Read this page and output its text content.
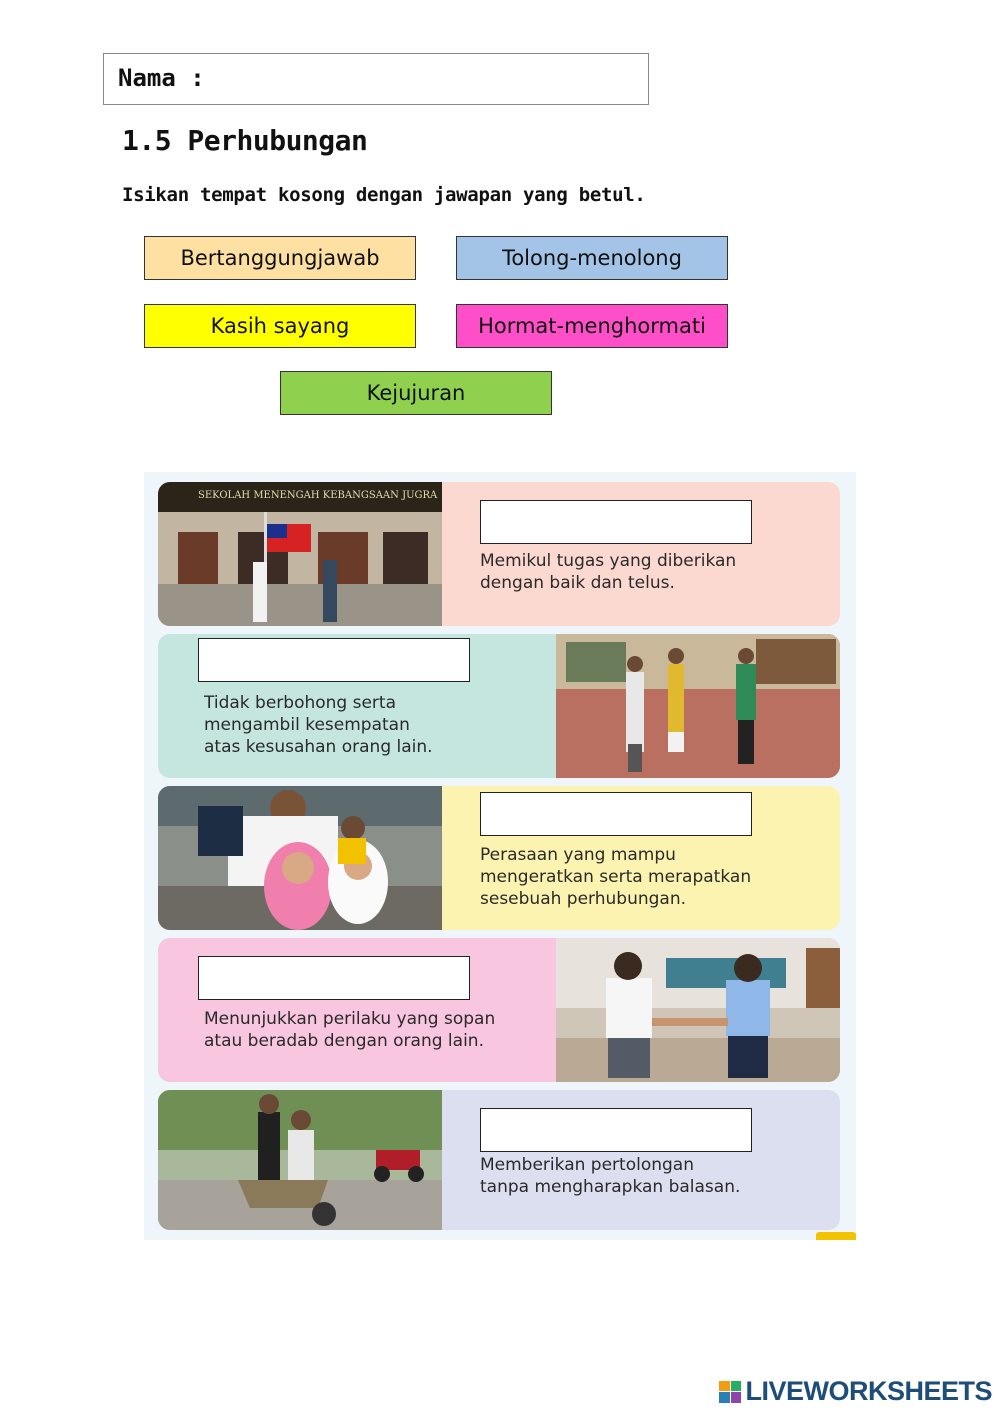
Nama :
1.5 Perhubungan
Isikan tempat kosong dengan jawapan yang betul.
Bertanggungjawab	Tolong-menolong
Kasih sayang	Hormat-menghormati
Kejujuran
SEKOLAH MENENGAH KEBANGSAAN JUGRA
Memikul tugas yang diberikan
dengan baik dan telus.
Tidak berbohong serta
mengambil kesempatan
atas kesusahan orang lain.
Perasaan yang mampu
mengeratkan serta merapatkan
sesebuah perhubungan.
Menunjukkan perilaku yang sopan
atau beradab dengan orang lain.
Memberikan pertolongan
tanpa mengharapkan balasan.
LIVEWORKSHEETS
